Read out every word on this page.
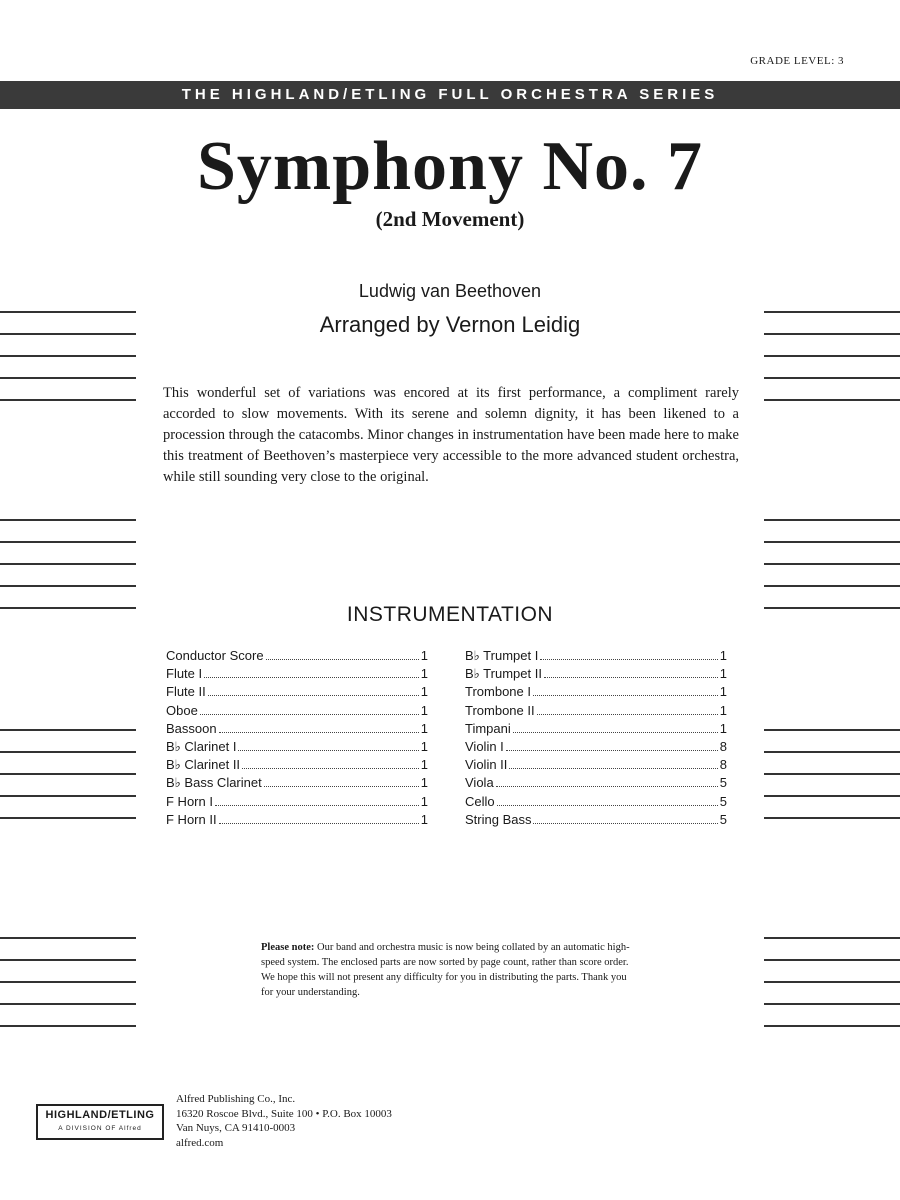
GRADE LEVEL: 3
THE HIGHLAND/ETLING FULL ORCHESTRA SERIES
Symphony No. 7
(2nd Movement)
Ludwig van Beethoven
Arranged by Vernon Leidig
This wonderful set of variations was encored at its first performance, a compliment rarely accorded to slow movements. With its serene and solemn dignity, it has been likened to a procession through the catacombs. Minor changes in instrumentation have been made here to make this treatment of Beethoven’s masterpiece very accessible to the more advanced student orchestra, while still sounding very close to the original.
INSTRUMENTATION
Conductor Score	1
Flute I	1
Flute II	1
Oboe	1
Bassoon	1
B♭ Clarinet I	1
B♭ Clarinet II	1
B♭ Bass Clarinet	1
F Horn I	1
F Horn II	1
B♭ Trumpet I	1
B♭ Trumpet II	1
Trombone I	1
Trombone II	1
Timpani	1
Violin I	8
Violin II	8
Viola	5
Cello	5
String Bass	5
Please note: Our band and orchestra music is now being collated by an automatic high-speed system. The enclosed parts are now sorted by page count, rather than score order. We hope this will not present any difficulty for you in distributing the parts. Thank you for your understanding.
HIGHLAND/ETLING
A DIVISION OF Alfred
Alfred Publishing Co., Inc.
16320 Roscoe Blvd., Suite 100 • P.O. Box 10003
Van Nuys, CA 91410-0003
alfred.com
